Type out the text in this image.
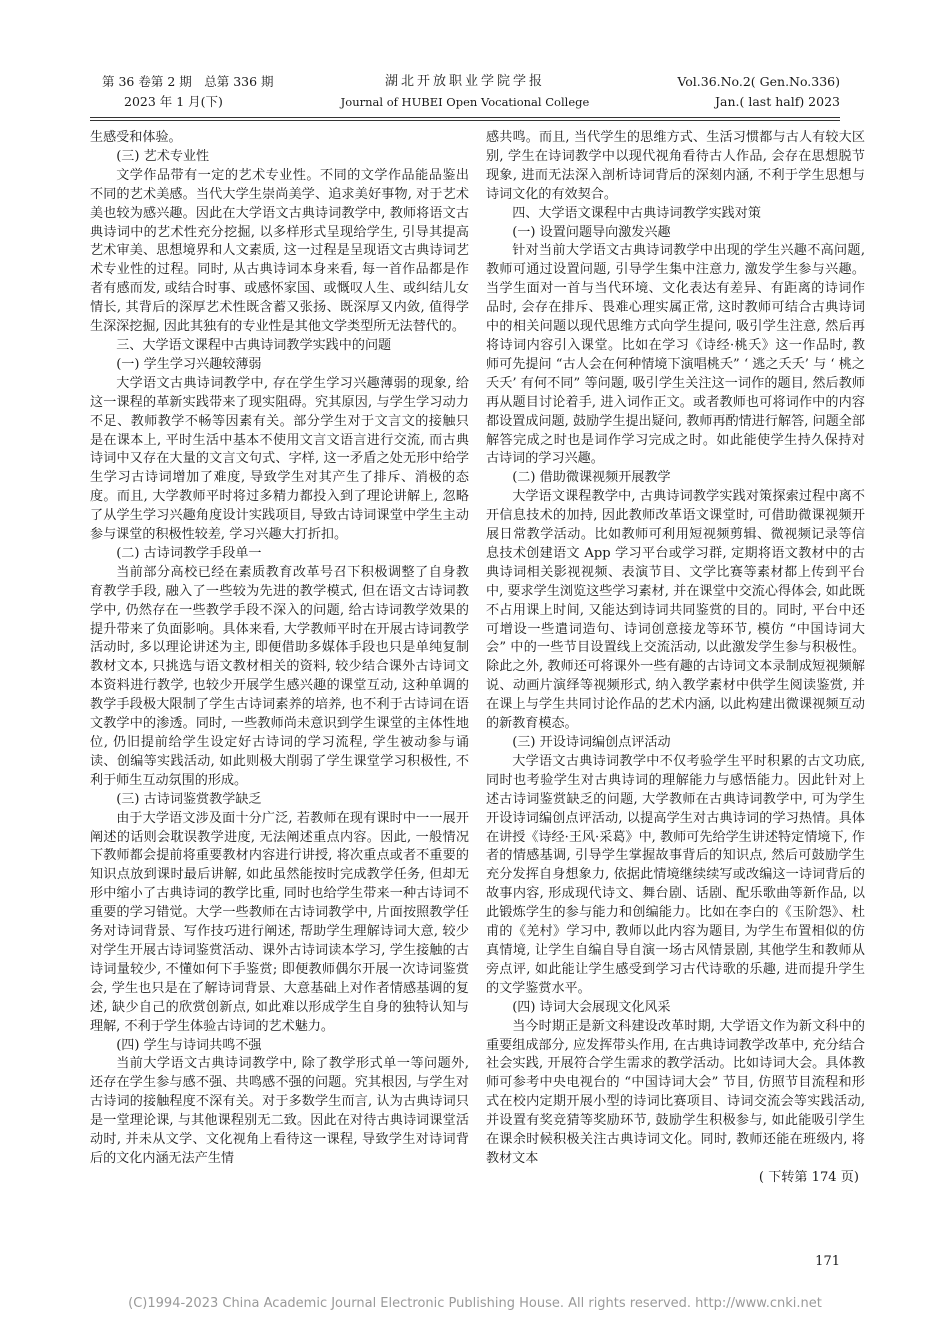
第 36 卷第 2 期　总第 336 期
2023 年 1 月(下)
湖北开放职业学院学报
Journal of HUBEI Open Vocational College
Vol.36.No.2( Gen.No.336)
Jan.( last half) 2023

生感受和体验。

(三) 艺术专业性

文学作品带有一定的艺术专业性。不同的文学作品能品鉴出不同的艺术美感。当代大学生崇尚美学、追求美好事物, 对于艺术美也较为感兴趣。因此在大学语文古典诗词教学中, 教师将语文古典诗词中的艺术性充分挖掘, 以多样形式呈现给学生, 引导其提高艺术审美、思想境界和人文素质, 这一过程是呈现语文古典诗词艺术专业性的过程。同时, 从古典诗词本身来看, 每一首作品都是作者有感而发, 或结合时事、或感怀家国、或慨叹人生、或纠结儿女情长, 其背后的深厚艺术性既含蓄又张扬、既深厚又内敛, 值得学生深深挖掘, 因此其独有的专业性是其他文学类型所无法替代的。

三、大学语文课程中古典诗词教学实践中的问题

(一) 学生学习兴趣较薄弱

大学语文古典诗词教学中, 存在学生学习兴趣薄弱的现象, 给这一课程的革新实践带来了现实阻碍。究其原因, 与学生学习动力不足、教师教学不畅等因素有关。部分学生对于文言文的接触只是在课本上, 平时生活中基本不使用文言文语言进行交流, 而古典诗词中又存在大量的文言文句式、字样, 这一矛盾之处无形中给学生学习古诗词增加了难度, 导致学生对其产生了排斥、消极的态度。而且, 大学教师平时将过多精力都投入到了理论讲解上, 忽略了从学生学习兴趣角度设计实践项目, 导致古诗词课堂中学生主动参与课堂的积极性较差, 学习兴趣大打折扣。

(二) 古诗词教学手段单一

当前部分高校已经在素质教育改革号召下积极调整了自身教育教学手段, 融入了一些较为先进的教学模式, 但在语文古诗词教学中, 仍然存在一些教学手段不深入的问题, 给古诗词教学效果的提升带来了负面影响。具体来看, 大学教师平时在开展古诗词教学活动时, 多以理论讲述为主, 即便借助多媒体手段也只是单纯复制教材文本, 只挑选与语文教材相关的资料, 较少结合课外古诗词文本资料进行教学, 也较少开展学生感兴趣的课堂互动, 这种单调的教学手段极大限制了学生古诗词素养的培养, 也不利于古诗词在语文教学中的渗透。同时, 一些教师尚未意识到学生课堂的主体性地位, 仍旧提前给学生设定好古诗词的学习流程, 学生被动参与诵读、创编等实践活动, 如此则极大削弱了学生课堂学习积极性, 不利于师生互动氛围的形成。

(三) 古诗词鉴赏教学缺乏

由于大学语文涉及面十分广泛, 若教师在现有课时中一一展开阐述的话则会耽误教学进度, 无法阐述重点内容。因此, 一般情况下教师都会提前将重要教材内容进行讲授, 将次重点或者不重要的知识点放到课时最后讲解, 如此虽然能按时完成教学任务, 但却无形中缩小了古典诗词的教学比重, 同时也给学生带来一种古诗词不重要的学习错觉。大学一些教师在古诗词教学中, 片面按照教学任务对诗词背景、写作技巧进行阐述, 帮助学生理解诗词大意, 较少对学生开展古诗词鉴赏活动、课外古诗词读本学习, 学生接触的古诗词量较少, 不懂如何下手鉴赏; 即便教师偶尔开展一次诗词鉴赏会, 学生也只是在了解诗词背景、大意基础上对作者情感基调的复述, 缺少自己的欣赏创新点, 如此难以形成学生自身的独特认知与理解, 不利于学生体验古诗词的艺术魅力。

(四) 学生与诗词共鸣不强

当前大学语文古典诗词教学中, 除了教学形式单一等问题外, 还存在学生参与感不强、共鸣感不强的问题。究其根因, 与学生对古诗词的接触程度不深有关。对于多数学生而言, 认为古典诗词只是一堂理论课, 与其他课程别无二致。因此在对待古典诗词课堂活动时, 并未从文学、文化视角上看待这一课程, 导致学生对诗词背后的文化内涵无法产生情

感共鸣。而且, 当代学生的思维方式、生活习惯都与古人有较大区别, 学生在诗词教学中以现代视角看待古人作品, 会存在思想脱节现象, 进而无法深入剖析诗词背后的深刻内涵, 不利于学生思想与诗词文化的有效契合。

四、大学语文课程中古典诗词教学实践对策

(一) 设置问题导向激发兴趣

针对当前大学语文古典诗词教学中出现的学生兴趣不高问题, 教师可通过设置问题, 引导学生集中注意力, 激发学生参与兴趣。当学生面对一首与当代环境、文化表达有差异、有距离的诗词作品时, 会存在排斥、畏难心理实属正常, 这时教师可结合古典诗词中的相关问题以现代思维方式向学生提问, 吸引学生注意, 然后再将诗词内容引入课堂。比如在学习《诗经·桃夭》这一作品时, 教师可先提问 “古人会在何种情境下演唱桃夭” ‘ 逃之夭夭’ 与 ‘ 桃之夭夭’ 有何不同” 等问题, 吸引学生关注这一词作的题目, 然后教师再从题目讨论着手, 进入词作正文。或者教师也可将词作中的内容都设置成问题, 鼓励学生提出疑问, 教师再酌情进行解答, 问题全部解答完成之时也是词作学习完成之时。如此能使学生持久保持对古诗词的学习兴趣。

(二) 借助微课视频开展教学

大学语文课程教学中, 古典诗词教学实践对策探索过程中离不开信息技术的加持, 因此教师改革语文课堂时, 可借助微课视频开展日常教学活动。比如教师可利用短视频剪辑、微视频记录等信息技术创建语文 App 学习平台或学习群, 定期将语文教材中的古典诗词相关影视视频、表演节目、文学比赛等素材都上传到平台中, 要求学生浏览这些学习素材, 并在课堂中交流心得体会, 如此既不占用课上时间, 又能达到诗词共同鉴赏的目的。同时, 平台中还可增设一些遣词造句、诗词创意接龙等环节, 模仿 “中国诗词大会” 中的一些节目设置线上交流活动, 以此激发学生参与积极性。除此之外, 教师还可将课外一些有趣的古诗词文本录制成短视频解说、动画片演绎等视频形式, 纳入教学素材中供学生阅读鉴赏, 并在课上与学生共同讨论作品的艺术内涵, 以此构建出微课视频互动的新教育模态。

(三) 开设诗词编创点评活动

大学语文古典诗词教学中不仅考验学生平时积累的古文功底, 同时也考验学生对古典诗词的理解能力与感悟能力。因此针对上述古诗词鉴赏缺乏的问题, 大学教师在古典诗词教学中, 可为学生开设诗词编创点评活动, 以提高学生对古典诗词的学习热情。具体在讲授《诗经·王风·采葛》中, 教师可先给学生讲述特定情境下, 作者的情感基调, 引导学生掌握故事背后的知识点, 然后可鼓励学生充分发挥自身想象力, 依据此情境继续续写或改编这一诗词背后的故事内容, 形成现代诗文、舞台剧、话剧、配乐歌曲等新作品, 以此锻炼学生的参与能力和创编能力。比如在李白的《玉阶怨》、杜甫的《羌村》学习中, 教师以此内容为题目, 为学生布置相似的仿真情境, 让学生自编自导自演一场古风情景剧, 其他学生和教师从旁点评, 如此能让学生感受到学习古代诗歌的乐趣, 进而提升学生的文学鉴赏水平。

(四) 诗词大会展现文化风采

当今时期正是新文科建设改革时期, 大学语文作为新文科中的重要组成部分, 应发挥带头作用, 在古典诗词教学改革中, 充分结合社会实践, 开展符合学生需求的教学活动。比如诗词大会。具体教师可参考中央电视台的 “中国诗词大会” 节目, 仿照节目流程和形式在校内定期开展小型的诗词比赛项目、诗词交流会等实践活动, 并设置有奖竞猜等奖励环节, 鼓励学生积极参与, 如此能吸引学生在课余时候积极关注古典诗词文化。同时, 教师还能在班级内, 将教材文本

( 下转第 174 页)

171
(C)1994-2023 China Academic Journal Electronic Publishing House. All rights reserved. http://www.cnki.net
